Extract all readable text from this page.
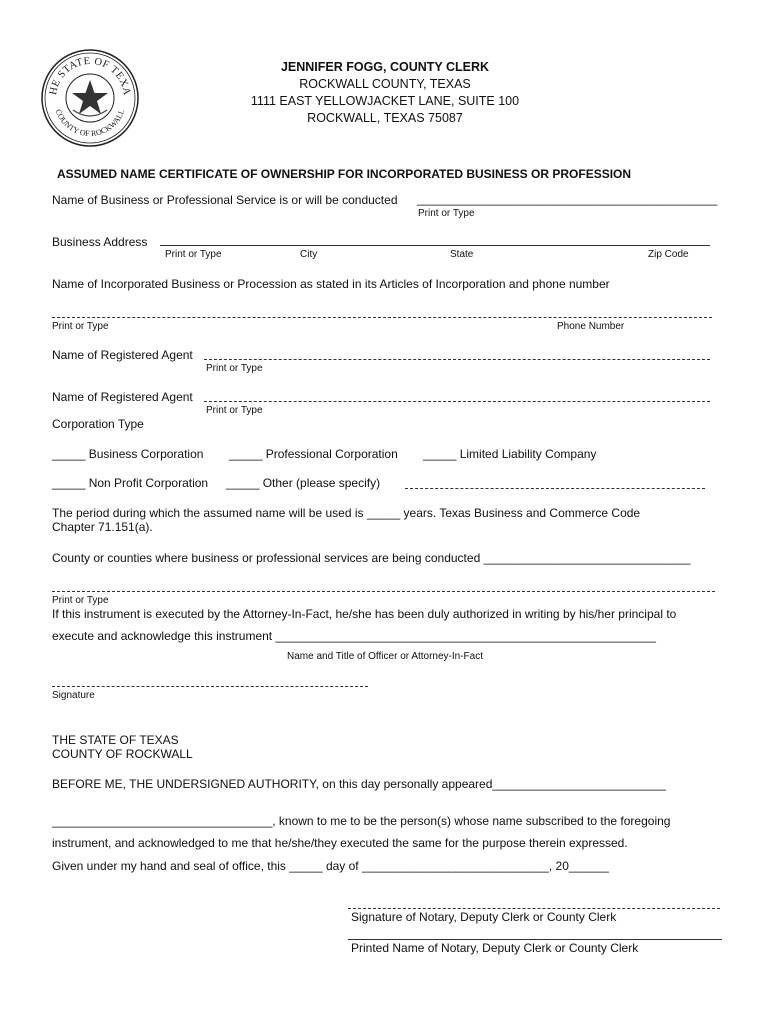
HE STATE OF TEXA
COUNTY OF ROCKWALL
JENNIFER FOGG, COUNTY CLERK
ROCKWALL COUNTY, TEXAS
1111 EAST YELLOWJACKET LANE, SUITE 100
ROCKWALL, TEXAS 75087
ASSUMED NAME CERTIFICATE OF OWNERSHIP FOR INCORPORATED BUSINESS OR PROFESSION
Name of Business or Professional Service is or will be conducted _____________________________________________
Print or Type
Business Address
Print or Type	City	State	Zip Code
Name of Incorporated Business or Procession as stated in its Articles of Incorporation and phone number
Print or Type	Phone Number
Name of Registered Agent
Print or Type
Name of Registered Agent
Print or Type
Corporation Type
_____ Business Corporation _____ Professional Corporation _____ Limited Liability Company
_____ Non Profit Corporation _____ Other (please specify)
The period during which the assumed name will be used is _____ years. Texas Business and Commerce Code
Chapter 71.151(a).
County or counties where business or professional services are being conducted _______________________________
Print or Type
If this instrument is executed by the Attorney-In-Fact, he/she has been duly authorized in writing by his/her principal to
execute and acknowledge this instrument _________________________________________________________
Name and Title of Officer or Attorney-In-Fact
Signature
THE STATE OF TEXAS
COUNTY OF ROCKWALL
BEFORE ME, THE UNDERSIGNED AUTHORITY, on this day personally appeared__________________________
_________________________________, known to me to be the person(s) whose name subscribed to the foregoing
instrument, and acknowledged to me that he/she/they executed the same for the purpose therein expressed.
Given under my hand and seal of office, this _____ day of ____________________________, 20______
Signature of Notary, Deputy Clerk or County Clerk
Printed Name of Notary, Deputy Clerk or County Clerk
